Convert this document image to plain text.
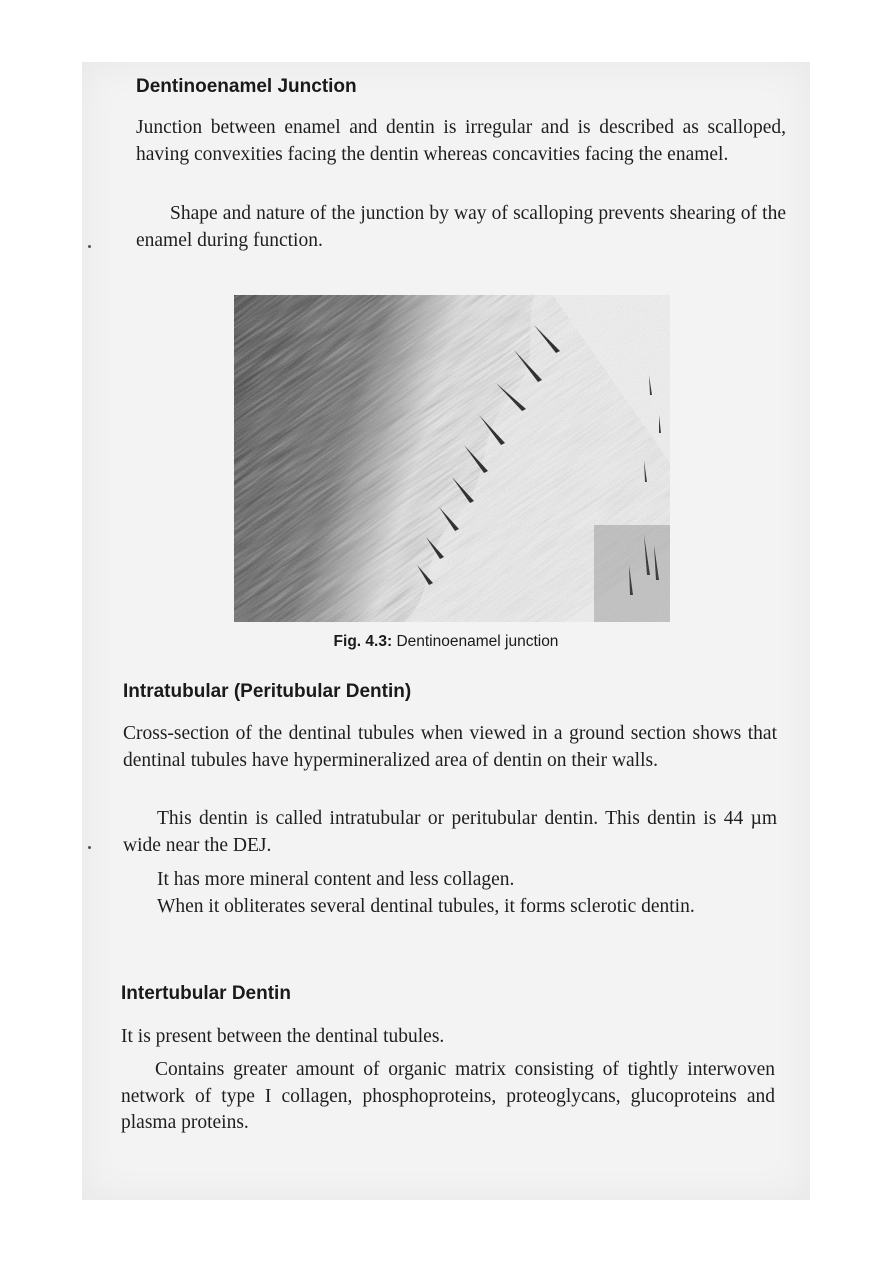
Dentinoenamel Junction

Junction between enamel and dentin is irregular and is described as scalloped, having convexities facing the dentin whereas concavities facing the enamel.

Shape and nature of the junction by way of scalloping prevents shearing of the enamel during function.

Fig. 4.3: Dentinoenamel junction
Intratubular (Peritubular Dentin)

Cross-section of the dentinal tubules when viewed in a ground section shows that dentinal tubules have hypermineralized area of dentin on their walls.

This dentin is called intratubular or peritubular dentin. This dentin is 44 µm wide near the DEJ.

It has more mineral content and less collagen.

When it obliterates several dentinal tubules, it forms sclerotic dentin.

Intertubular Dentin

It is present between the dentinal tubules.

Contains greater amount of organic matrix consisting of tightly interwoven network of type I collagen, phosphoproteins, proteoglycans, glucoproteins and plasma proteins.
